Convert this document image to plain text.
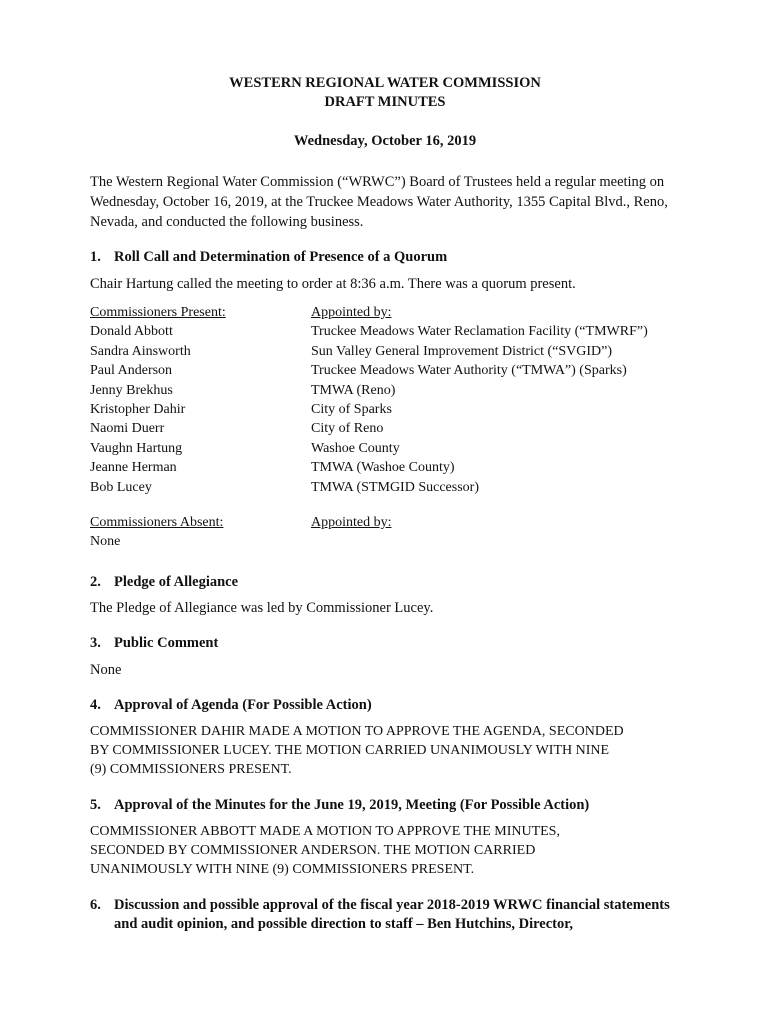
WESTERN REGIONAL WATER COMMISSION
DRAFT MINUTES
Wednesday, October 16, 2019
The Western Regional Water Commission (“WRWC”) Board of Trustees held a regular meeting on Wednesday, October 16, 2019, at the Truckee Meadows Water Authority, 1355 Capital Blvd., Reno, Nevada, and conducted the following business.
1. Roll Call and Determination of Presence of a Quorum
Chair Hartung called the meeting to order at 8:36 a.m. There was a quorum present.
Commissioners Present:
Donald Abbott
Sandra Ainsworth
Paul Anderson
Jenny Brekhus
Kristopher Dahir
Naomi Duerr
Vaughn Hartung
Jeanne Herman
Bob Lucey
Appointed by:
Truckee Meadows Water Reclamation Facility (“TMWRF”)
Sun Valley General Improvement District (“SVGID”)
Truckee Meadows Water Authority (“TMWA”) (Sparks)
TMWA (Reno)
City of Sparks
City of Reno
Washoe County
TMWA (Washoe County)
TMWA (STMGID Successor)
Commissioners Absent:
None
Appointed by:
2. Pledge of Allegiance
The Pledge of Allegiance was led by Commissioner Lucey.
3. Public Comment
None
4. Approval of Agenda (For Possible Action)
COMMISSIONER DAHIR MADE A MOTION TO APPROVE THE AGENDA, SECONDED
BY COMMISSIONER LUCEY. THE MOTION CARRIED UNANIMOUSLY WITH NINE
(9) COMMISSIONERS PRESENT.
5. Approval of the Minutes for the June 19, 2019, Meeting (For Possible Action)
COMMISSIONER ABBOTT MADE A MOTION TO APPROVE THE MINUTES,
SECONDED BY COMMISSIONER ANDERSON. THE MOTION CARRIED
UNANIMOUSLY WITH NINE (9) COMMISSIONERS PRESENT.
6. Discussion and possible approval of the fiscal year 2018-2019 WRWC financial statements and audit opinion, and possible direction to staff – Ben Hutchins, Director,
